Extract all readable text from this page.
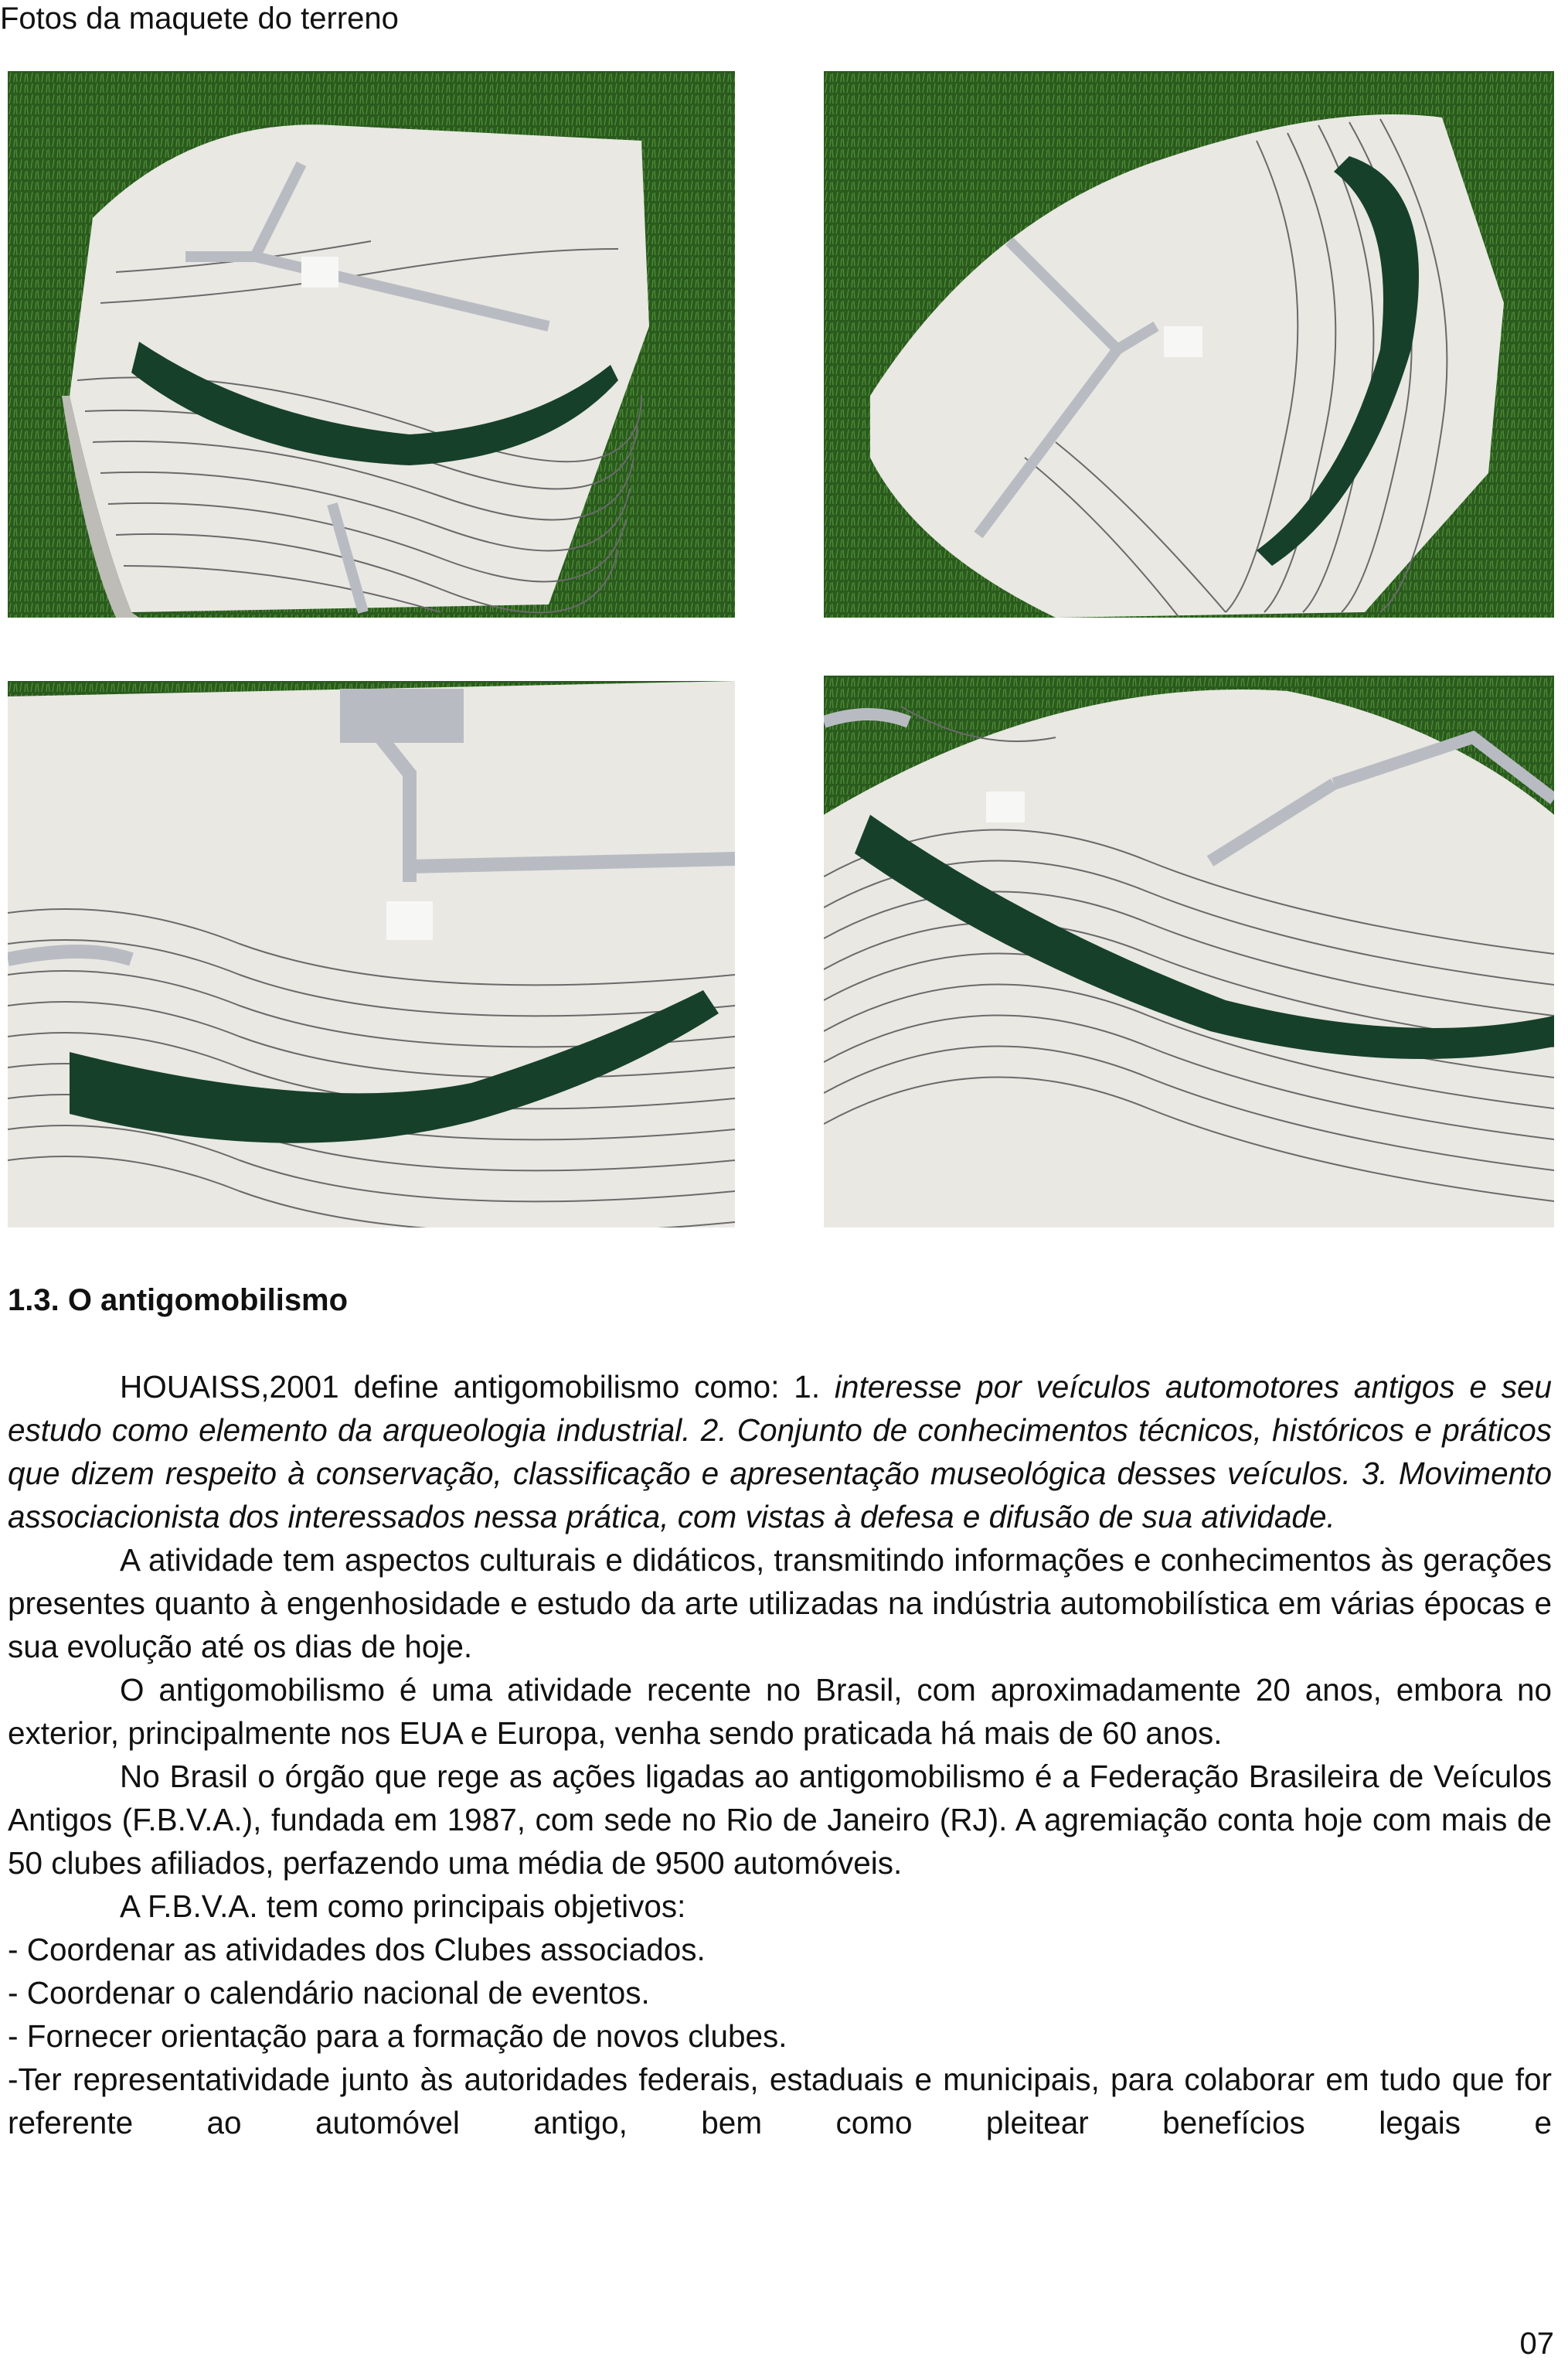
Fotos da maquete do terreno
1.3. O antigomobilismo

HOUAISS,2001 define antigomobilismo como: 1. interesse por veículos automotores antigos e seu estudo como elemento da arqueologia industrial. 2. Conjunto de conhecimentos técnicos, históricos e práticos que dizem respeito à conservação, classificação e apresentação museológica desses veículos. 3. Movimento associacionista dos interessados nessa prática, com vistas à defesa e difusão de sua atividade.

A atividade tem aspectos culturais e didáticos, transmitindo informações e conhecimentos às gerações presentes quanto à engenhosidade e estudo da arte utilizadas na indústria automobilística em várias épocas e sua evolução até os dias de hoje.

O antigomobilismo é uma atividade recente no Brasil, com aproximadamente 20 anos, embora no exterior, principalmente nos EUA e Europa, venha sendo praticada há mais de 60 anos.

No Brasil o órgão que rege as ações ligadas ao antigomobilismo é a Federação Brasileira de Veículos Antigos (F.B.V.A.), fundada em 1987, com sede no Rio de Janeiro (RJ). A agremiação conta hoje com mais de 50 clubes afiliados, perfazendo uma média de 9500 automóveis.

A F.B.V.A. tem como principais objetivos:

- Coordenar as atividades dos Clubes associados.

- Coordenar o calendário nacional de eventos.

- Fornecer orientação para a formação de novos clubes.

-Ter representatividade junto às autoridades federais, estaduais e municipais, para colaborar em tudo que for referente ao automóvel antigo, bem como pleitear benefícios legais e

07
